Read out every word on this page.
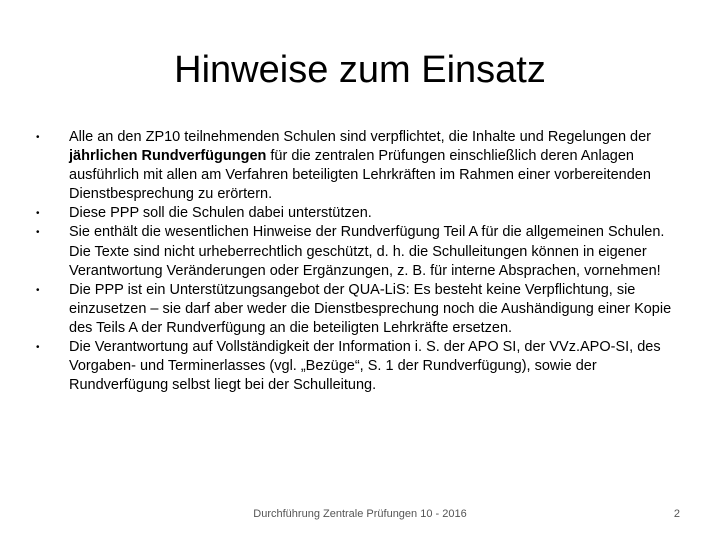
Hinweise zum Einsatz
• Alle an den ZP10 teilnehmenden Schulen sind verpflichtet, die Inhalte und Regelungen der jährlichen Rundverfügungen für die zentralen Prüfungen einschließlich deren Anlagen ausführlich mit allen am Verfahren beteiligten Lehrkräften im Rahmen einer vorbereitenden Dienstbesprechung zu erörtern.
• Diese PPP soll die Schulen dabei unterstützen.
• Sie enthält die wesentlichen Hinweise der Rundverfügung Teil A für die allgemeinen Schulen. Die Texte sind nicht urheberrechtlich geschützt, d. h. die Schulleitungen können in eigener Verantwortung Veränderungen oder Ergänzungen, z. B. für interne Absprachen, vornehmen!
• Die PPP ist ein Unterstützungsangebot der QUA-LiS: Es besteht keine Verpflichtung, sie einzusetzen – sie darf aber weder die Dienstbesprechung noch die Aushändigung einer Kopie des Teils A der Rundverfügung an die beteiligten Lehrkräfte ersetzen.
• Die Verantwortung auf Vollständigkeit der Information i. S. der APO SI, der VVz.APO-SI, des Vorgaben- und Terminerlasses (vgl. „Bezüge“, S. 1 der Rundverfügung), sowie der Rundverfügung selbst liegt bei der Schulleitung.
Durchführung Zentrale Prüfungen 10 - 2016	2
